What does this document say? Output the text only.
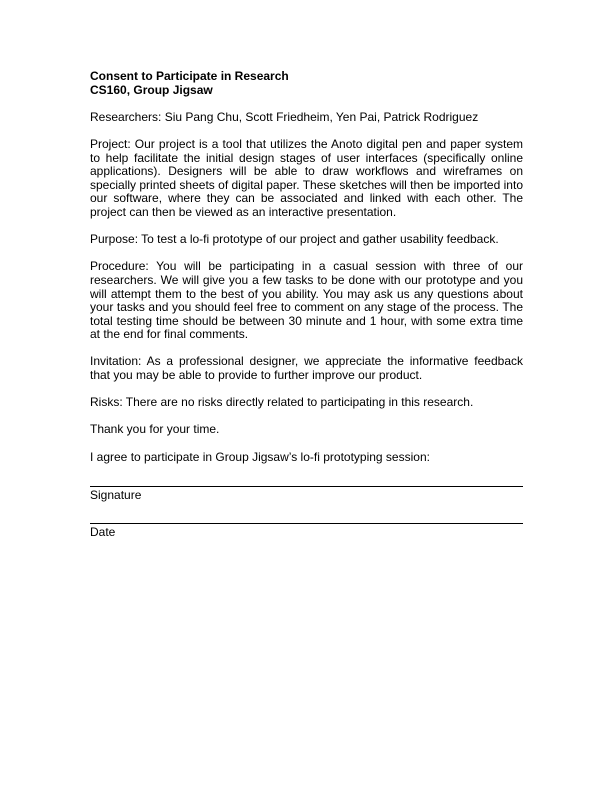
Consent to Participate in Research

CS160, Group Jigsaw

Researchers: Siu Pang Chu, Scott Friedheim, Yen Pai, Patrick Rodriguez

Project: Our project is a tool that utilizes the Anoto digital pen and paper system to help facilitate the initial design stages of user interfaces (specifically online applications). Designers will be able to draw workflows and wireframes on specially printed sheets of digital paper. These sketches will then be imported into our software, where they can be associated and linked with each other. The project can then be viewed as an interactive presentation.

Purpose: To test a lo-fi prototype of our project and gather usability feedback.

Procedure: You will be participating in a casual session with three of our researchers. We will give you a few tasks to be done with our prototype and you will attempt them to the best of you ability. You may ask us any questions about your tasks and you should feel free to comment on any stage of the process. The total testing time should be between 30 minute and 1 hour, with some extra time at the end for final comments.

Invitation: As a professional designer, we appreciate the informative feedback that you may be able to provide to further improve our product.

Risks: There are no risks directly related to participating in this research.

Thank you for your time.

I agree to participate in Group Jigsaw’s lo-fi prototyping session:

Signature
Date
